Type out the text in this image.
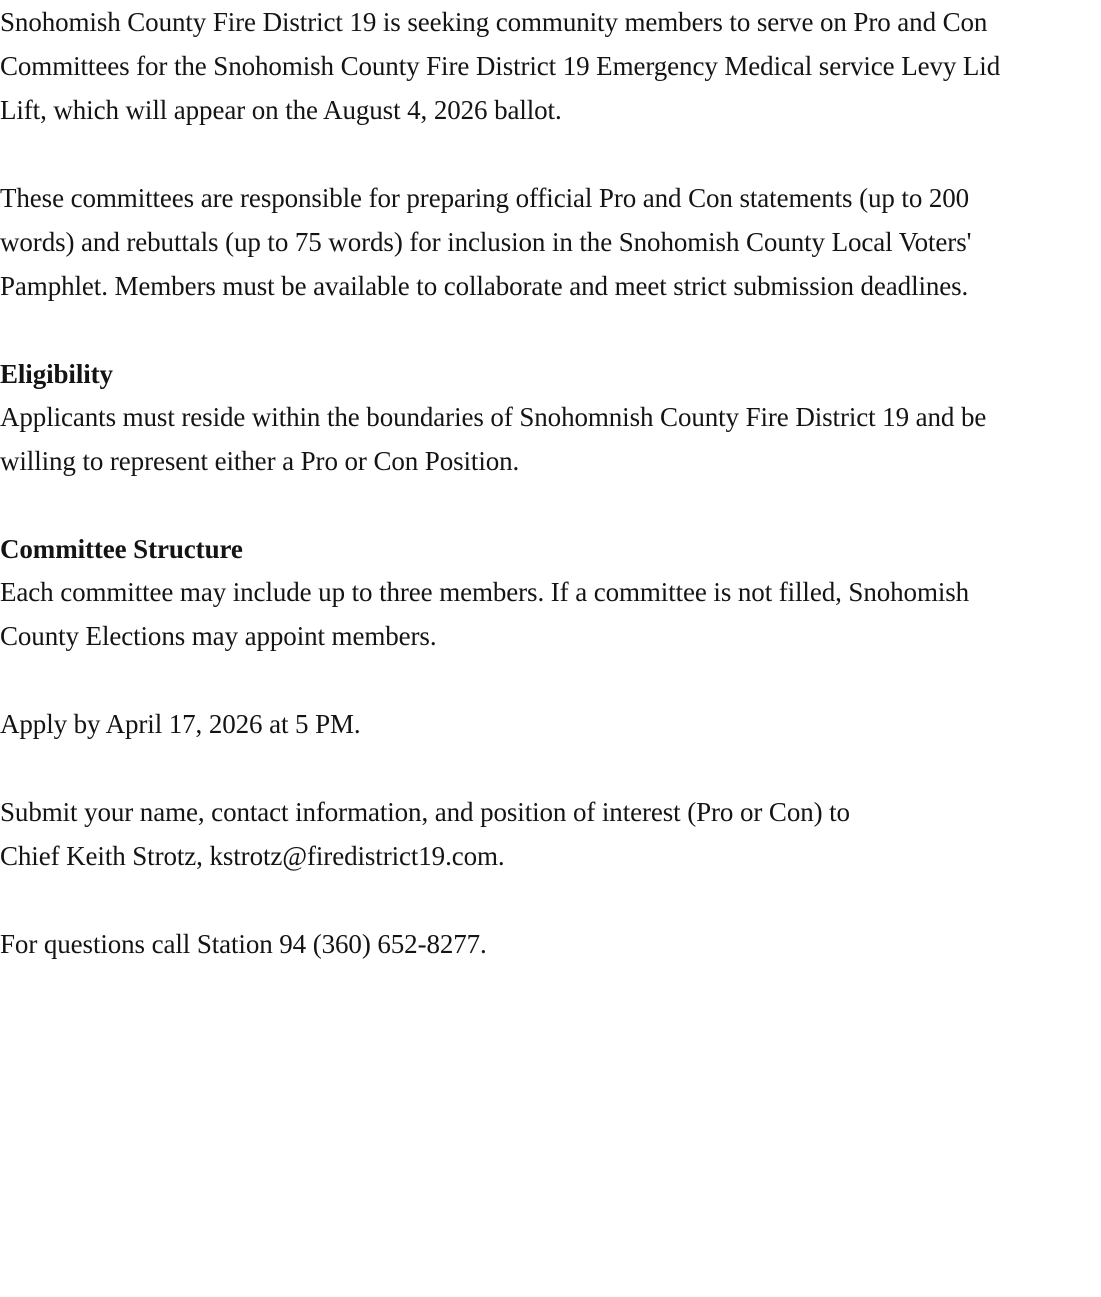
Snohomish County Fire District 19 is seeking community members to serve on Pro and Con
Committees for the Snohomish County Fire District 19 Emergency Medical service Levy Lid
Lift, which will appear on the August 4, 2026 ballot.

These committees are responsible for preparing official Pro and Con statements (up to 200
words) and rebuttals (up to 75 words) for inclusion in the Snohomish County Local Voters'
Pamphlet. Members must be available to collaborate and meet strict submission deadlines.

Eligibility

Applicants must reside within the boundaries of Snohomnish County Fire District 19 and be
willing to represent either a Pro or Con Position.

Committee Structure

Each committee may include up to three members. If a committee is not filled, Snohomish
County Elections may appoint members.

Apply by April 17, 2026 at 5 PM.

Submit your name, contact information, and position of interest (Pro or Con) to
Chief Keith Strotz, kstrotz@firedistrict19.com.

For questions call Station 94 (360) 652-8277.
